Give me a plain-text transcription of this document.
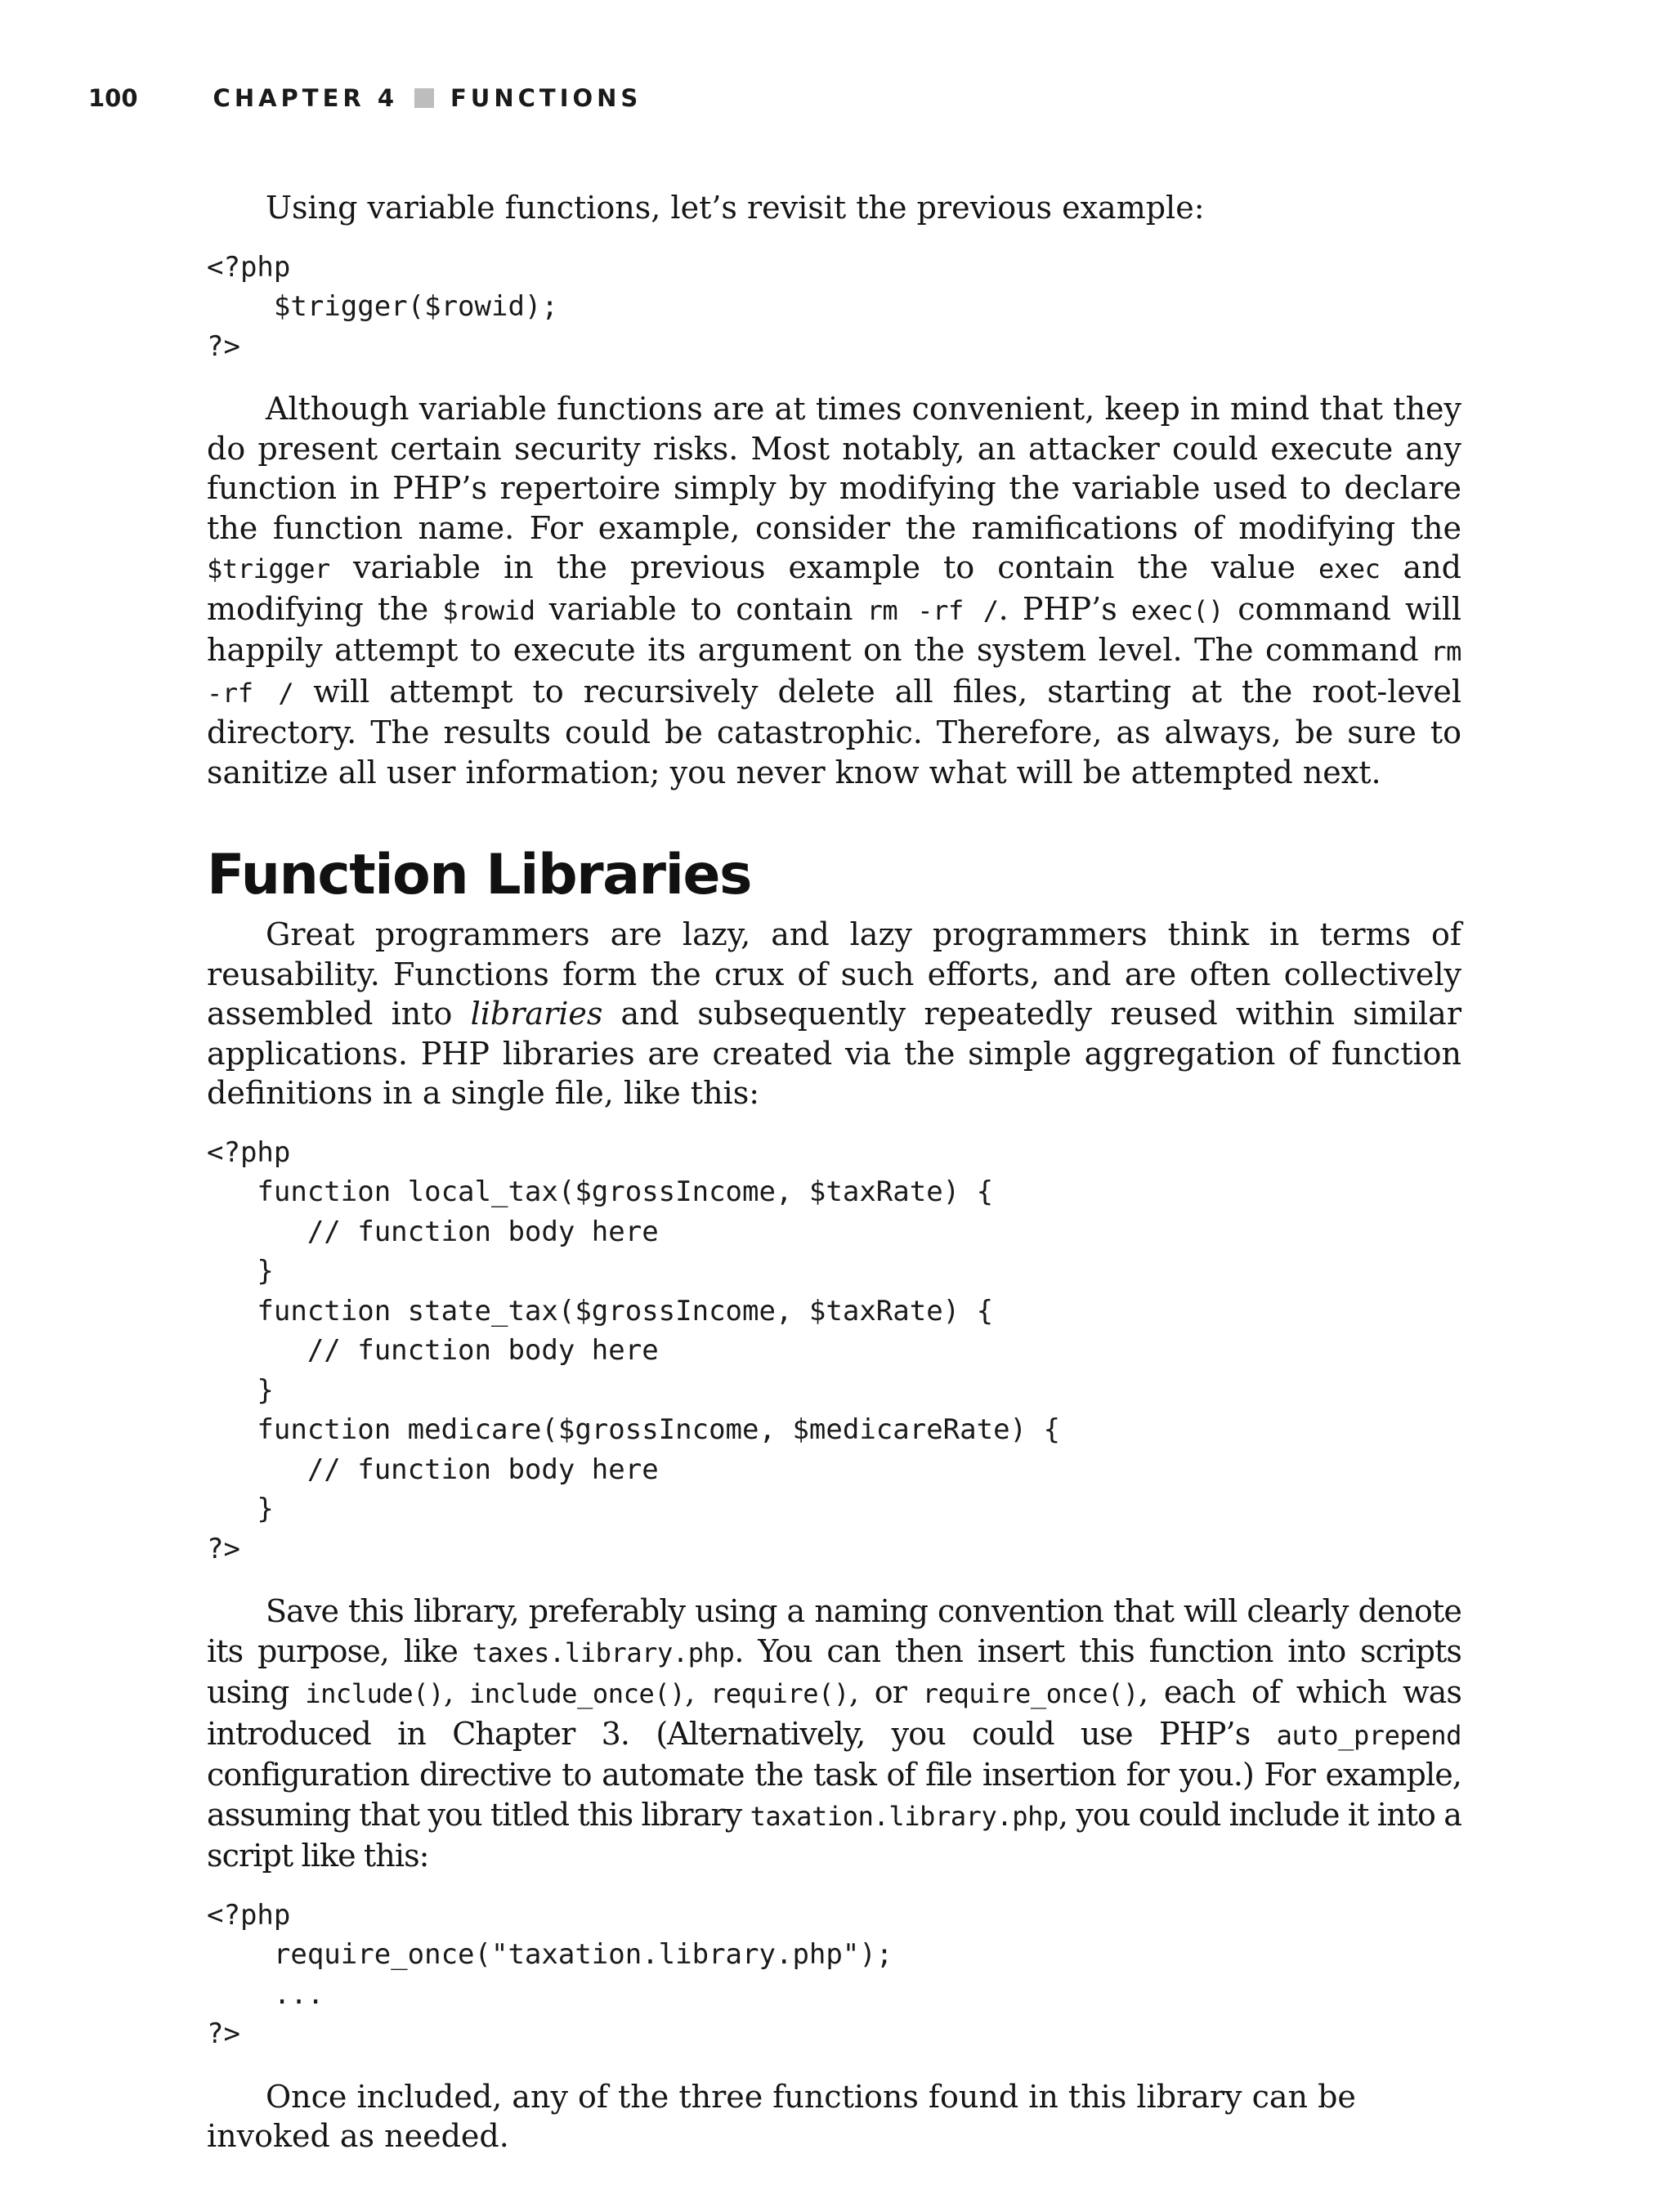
100	CHAPTER 4 FUNCTIONS

Using variable functions, let’s revisit the previous example:

<?php
$trigger($rowid);
?>

Although variable functions are at times convenient, keep in mind that they do present certain security risks. Most notably, an attacker could execute any function in PHP’s repertoire simply by modifying the variable used to declare the function name. For example, consider the ramifications of modifying the $trigger variable in the previous example to contain the value exec and modifying the $rowid variable to contain rm -rf /. PHP’s exec() command will happily attempt to execute its argument on the system level. The command rm -rf / will attempt to recursively delete all files, starting at the root-level directory. The results could be catastrophic. Therefore, as always, be sure to sanitize all user information; you never know what will be attempted next.

Function Libraries

Great programmers are lazy, and lazy programmers think in terms of reusability. Functions form the crux of such efforts, and are often collectively assembled into libraries and subsequently repeatedly reused within similar applications. PHP libraries are created via the simple aggregation of function definitions in a single file, like this:

<?php
function local_tax($grossIncome, $taxRate) {
// function body here
}
function state_tax($grossIncome, $taxRate) {
// function body here
}
function medicare($grossIncome, $medicareRate) {
// function body here
}
?>

Save this library, preferably using a naming convention that will clearly denote its purpose, like taxes.library.php. You can then insert this function into scripts using include(), include_once(), require(), or require_once(), each of which was introduced in Chapter 3. (Alternatively, you could use PHP’s auto_prepend configuration directive to automate the task of file insertion for you.) For example, assuming that you titled this library taxation.library.php, you could include it into a script like this:

<?php
require_once("taxation.library.php");
...
?>

Once included, any of the three functions found in this library can be invoked as needed.
